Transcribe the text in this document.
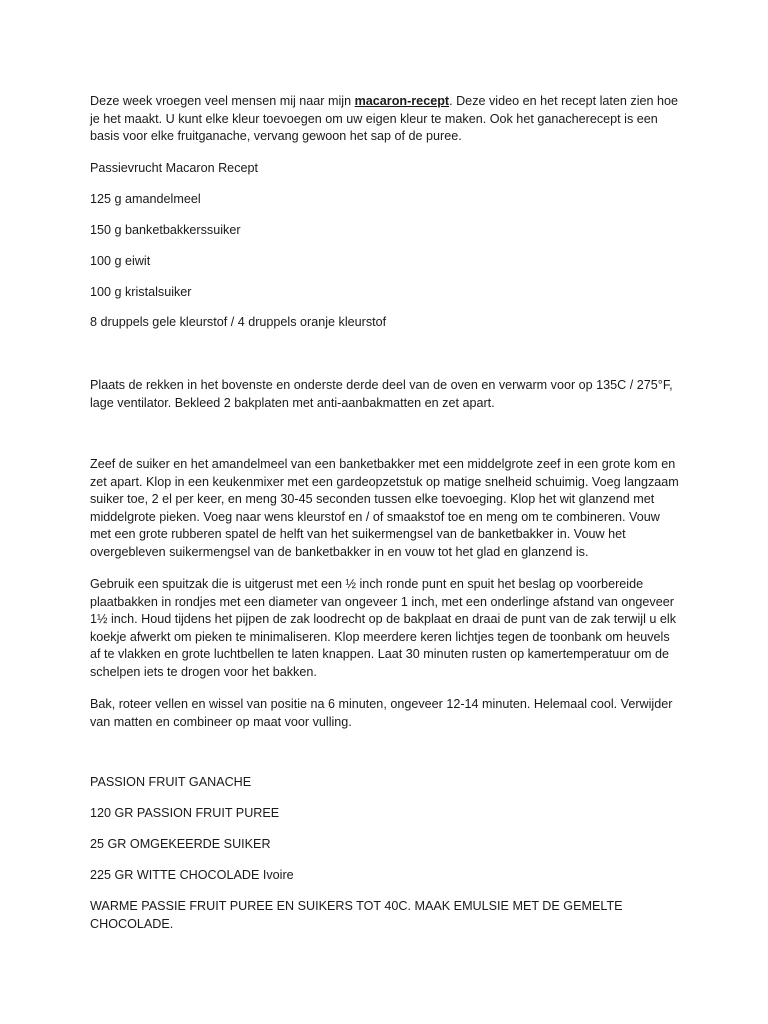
Deze week vroegen veel mensen mij naar mijn macaron-recept. Deze video en het recept laten zien hoe je het maakt. U kunt elke kleur toevoegen om uw eigen kleur te maken. Ook het ganacherecept is een basis voor elke fruitganache, vervang gewoon het sap of de puree.

Passievrucht Macaron Recept

125 g amandelmeel

150 g banketbakkerssuiker

100 g eiwit

100 g kristalsuiker

8 druppels gele kleurstof / 4 druppels oranje kleurstof

Plaats de rekken in het bovenste en onderste derde deel van de oven en verwarm voor op 135C / 275°F, lage ventilator. Bekleed 2 bakplaten met anti-aanbakmatten en zet apart.

Zeef de suiker en het amandelmeel van een banketbakker met een middelgrote zeef in een grote kom en zet apart. Klop in een keukenmixer met een gardeopzetstuk op matige snelheid schuimig. Voeg langzaam suiker toe, 2 el per keer, en meng 30-45 seconden tussen elke toevoeging. Klop het wit glanzend met middelgrote pieken. Voeg naar wens kleurstof en / of smaakstof toe en meng om te combineren. Vouw met een grote rubberen spatel de helft van het suikermengsel van de banketbakker in. Vouw het overgebleven suikermengsel van de banketbakker in en vouw tot het glad en glanzend is.

Gebruik een spuitzak die is uitgerust met een ½ inch ronde punt en spuit het beslag op voorbereide plaatbakken in rondjes met een diameter van ongeveer 1 inch, met een onderlinge afstand van ongeveer 1½ inch. Houd tijdens het pijpen de zak loodrecht op de bakplaat en draai de punt van de zak terwijl u elk koekje afwerkt om pieken te minimaliseren. Klop meerdere keren lichtjes tegen de toonbank om heuvels af te vlakken en grote luchtbellen te laten knappen. Laat 30 minuten rusten op kamertemperatuur om de schelpen iets te drogen voor het bakken.

Bak, roteer vellen en wissel van positie na 6 minuten, ongeveer 12-14 minuten. Helemaal cool. Verwijder van matten en combineer op maat voor vulling.

PASSION FRUIT GANACHE

120 GR PASSION FRUIT PUREE

25 GR OMGEKEERDE SUIKER

225 GR WITTE CHOCOLADE Ivoire

WARME PASSIE FRUIT PUREE EN SUIKERS TOT 40C. MAAK EMULSIE MET DE GEMELTE CHOCOLADE.
